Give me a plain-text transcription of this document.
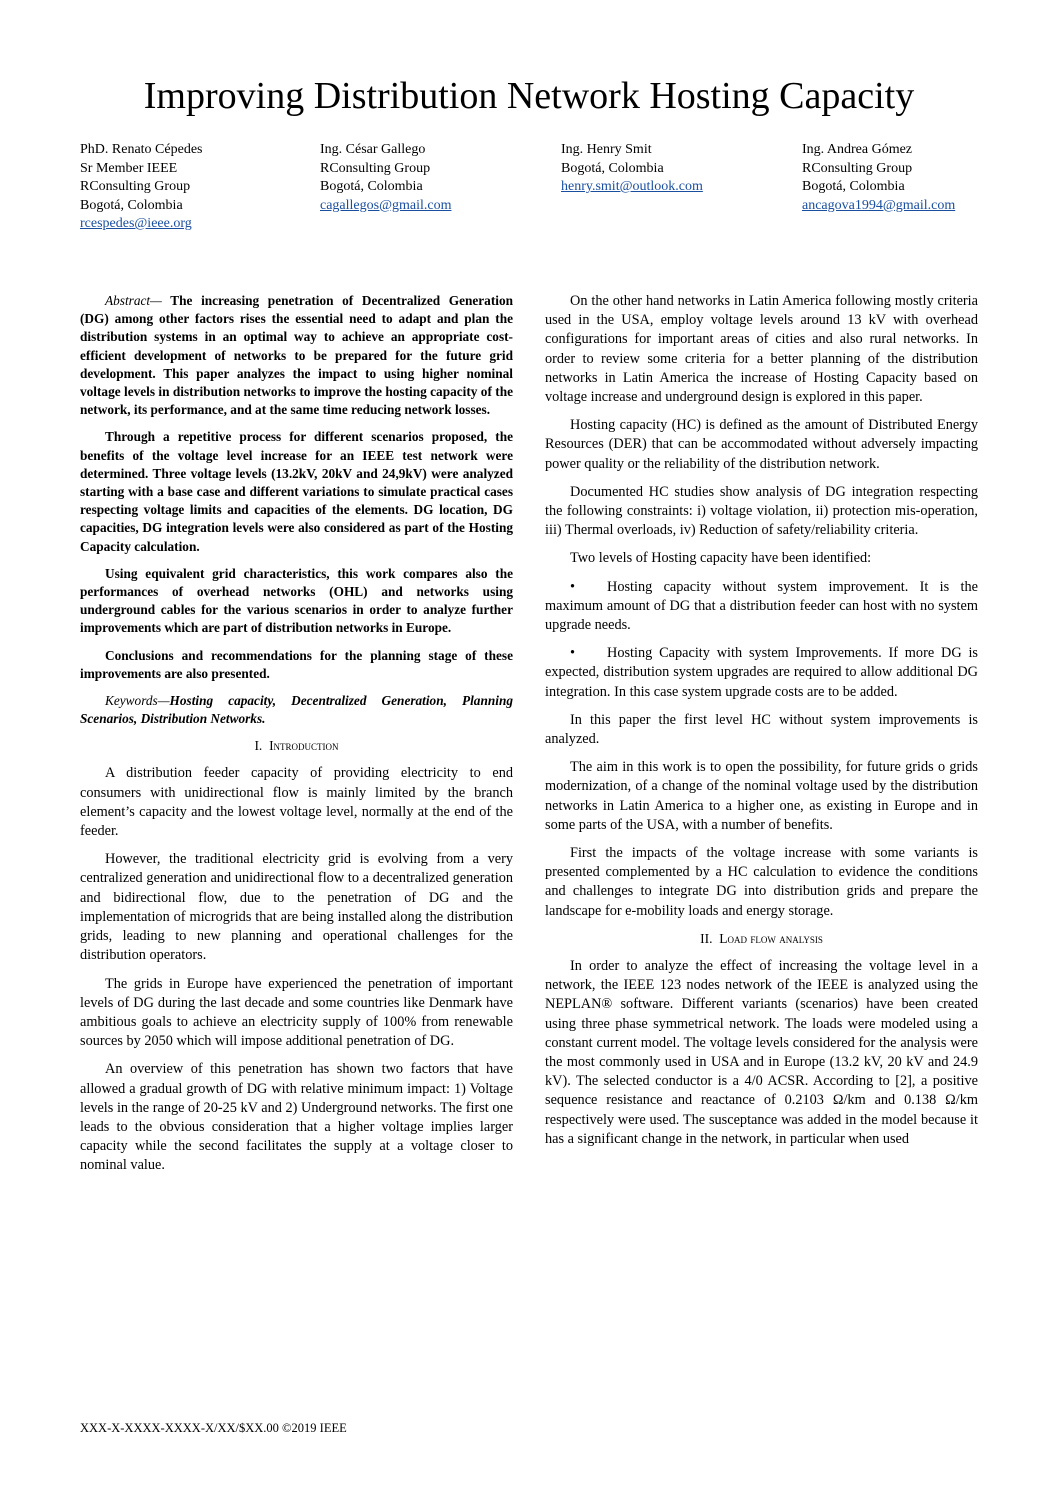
Improving Distribution Network Hosting Capacity
PhD. Renato Cépedes
Sr Member IEEE
RConsulting Group
Bogotá, Colombia
rcespedes@ieee.org
Ing. César Gallego
RConsulting Group
Bogotá, Colombia
cagallegos@gmail.com
Ing. Henry Smit
Bogotá, Colombia
henry.smit@outlook.com
Ing. Andrea Gómez
RConsulting Group
Bogotá, Colombia
ancagova1994@gmail.com

Abstract— The increasing penetration of Decentralized Generation (DG) among other factors rises the essential need to adapt and plan the distribution systems in an optimal way to achieve an appropriate cost-efficient development of networks to be prepared for the future grid development. This paper analyzes the impact to using higher nominal voltage levels in distribution networks to improve the hosting capacity of the network, its performance, and at the same time reducing network losses.

Through a repetitive process for different scenarios proposed, the benefits of the voltage level increase for an IEEE test network were determined. Three voltage levels (13.2kV, 20kV and 24,9kV) were analyzed starting with a base case and different variations to simulate practical cases respecting voltage limits and capacities of the elements. DG location, DG capacities, DG integration levels were also considered as part of the Hosting Capacity calculation.

Using equivalent grid characteristics, this work compares also the performances of overhead networks (OHL) and networks using underground cables for the various scenarios in order to analyze further improvements which are part of distribution networks in Europe.

Conclusions and recommendations for the planning stage of these improvements are also presented.

Keywords—Hosting capacity, Decentralized Generation, Planning Scenarios, Distribution Networks.

I. Introduction

A distribution feeder capacity of providing electricity to end consumers with unidirectional flow is mainly limited by the branch element’s capacity and the lowest voltage level, normally at the end of the feeder.

However, the traditional electricity grid is evolving from a very centralized generation and unidirectional flow to a decentralized generation and bidirectional flow, due to the penetration of DG and the implementation of microgrids that are being installed along the distribution grids, leading to new planning and operational challenges for the distribution operators.

The grids in Europe have experienced the penetration of important levels of DG during the last decade and some countries like Denmark have ambitious goals to achieve an electricity supply of 100% from renewable sources by 2050 which will impose additional penetration of DG.

An overview of this penetration has shown two factors that have allowed a gradual growth of DG with relative minimum impact: 1) Voltage levels in the range of 20-25 kV and 2) Underground networks. The first one leads to the obvious consideration that a higher voltage implies larger capacity while the second facilitates the supply at a voltage closer to nominal value.

On the other hand networks in Latin America following mostly criteria used in the USA, employ voltage levels around 13 kV with overhead configurations for important areas of cities and also rural networks. In order to review some criteria for a better planning of the distribution networks in Latin America the increase of Hosting Capacity based on voltage increase and underground design is explored in this paper.

Hosting capacity (HC) is defined as the amount of Distributed Energy Resources (DER) that can be accommodated without adversely impacting power quality or the reliability of the distribution network.

Documented HC studies show analysis of DG integration respecting the following constraints: i) voltage violation, ii) protection mis-operation, iii) Thermal overloads, iv) Reduction of safety/reliability criteria.

Two levels of Hosting capacity have been identified:

• Hosting capacity without system improvement. It is the maximum amount of DG that a distribution feeder can host with no system upgrade needs.

• Hosting Capacity with system Improvements. If more DG is expected, distribution system upgrades are required to allow additional DG integration. In this case system upgrade costs are to be added.

In this paper the first level HC without system improvements is analyzed.

The aim in this work is to open the possibility, for future grids o grids modernization, of a change of the nominal voltage used by the distribution networks in Latin America to a higher one, as existing in Europe and in some parts of the USA, with a number of benefits.

First the impacts of the voltage increase with some variants is presented complemented by a HC calculation to evidence the conditions and challenges to integrate DG into distribution grids and prepare the landscape for e-mobility loads and energy storage.

II. Load flow analysis

In order to analyze the effect of increasing the voltage level in a network, the IEEE 123 nodes network of the IEEE is analyzed using the NEPLAN® software. Different variants (scenarios) have been created using three phase symmetrical network. The loads were modeled using a constant current model. The voltage levels considered for the analysis were the most commonly used in USA and in Europe (13.2 kV, 20 kV and 24.9 kV). The selected conductor is a 4/0 ACSR. According to [2], a positive sequence resistance and reactance of 0.2103 Ω/km and 0.138 Ω/km respectively were used. The susceptance was added in the model because it has a significant change in the network, in particular when used

XXX-X-XXXX-XXXX-X/XX/$XX.00 ©2019 IEEE
